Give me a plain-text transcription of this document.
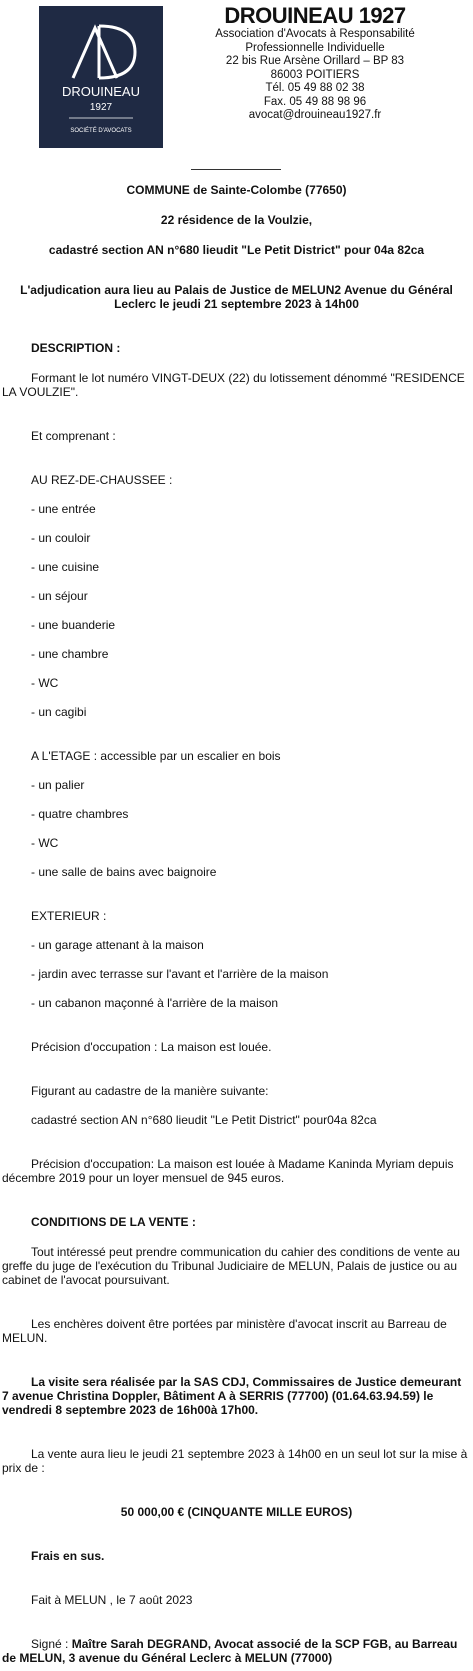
DROUINEAU
1927
SOCIÉTÉ D'AVOCATS
DROUINEAU 1927
Association d'Avocats à Responsabilité
Professionnelle Individuelle
22 bis Rue Arsène Orillard – BP 83
86003 POITIERS
Tél. 05 49 88 02 38
Fax. 05 49 88 98 96
avocat@drouineau1927.fr
COMMUNE de Sainte-Colombe (77650)
22 résidence de la Voulzie,
cadastré section AN n°680 lieudit "Le Petit District" pour 04a 82ca
L'adjudication aura lieu au Palais de Justice de MELUN2 Avenue du Général
Leclerc le jeudi 21 septembre 2023 à 14h00
DESCRIPTION :
Formant le lot numéro VINGT-DEUX (22) du lotissement dénommé "RESIDENCE
LA VOULZIE".
Et comprenant :
AU REZ-DE-CHAUSSEE :
- une entrée
- un couloir
- une cuisine
- un séjour
- une buanderie
- une chambre
- WC
- un cagibi
A L'ETAGE : accessible par un escalier en bois
- un palier
- quatre chambres
- WC
- une salle de bains avec baignoire
EXTERIEUR :
- un garage attenant à la maison
- jardin avec terrasse sur l'avant et l'arrière de la maison
- un cabanon maçonné à l'arrière de la maison
Précision d'occupation : La maison est louée.
Figurant au cadastre de la manière suivante:
cadastré section AN n°680 lieudit "Le Petit District" pour04a 82ca
Précision d'occupation: La maison est louée à Madame Kaninda Myriam depuis
décembre 2019 pour un loyer mensuel de 945 euros.
CONDITIONS DE LA VENTE :
Tout intéressé peut prendre communication du cahier des conditions de vente au
greffe du juge de l'exécution du Tribunal Judiciaire de MELUN, Palais de justice ou au
cabinet de l'avocat poursuivant.
Les enchères doivent être portées par ministère d'avocat inscrit au Barreau de
MELUN.
La visite sera réalisée par la SAS CDJ, Commissaires de Justice demeurant
7 avenue Christina Doppler, Bâtiment A à SERRIS (77700) (01.64.63.94.59) le
vendredi 8 septembre 2023 de 16h00à 17h00.
La vente aura lieu le jeudi 21 septembre 2023 à 14h00 en un seul lot sur la mise à
prix de :
50 000,00 € (CINQUANTE MILLE EUROS)
Frais en sus.
Fait à MELUN , le 7 août 2023
Signé : Maître Sarah DEGRAND, Avocat associé de la SCP FGB, au Barreau
de MELUN, 3 avenue du Général Leclerc à MELUN (77000)
